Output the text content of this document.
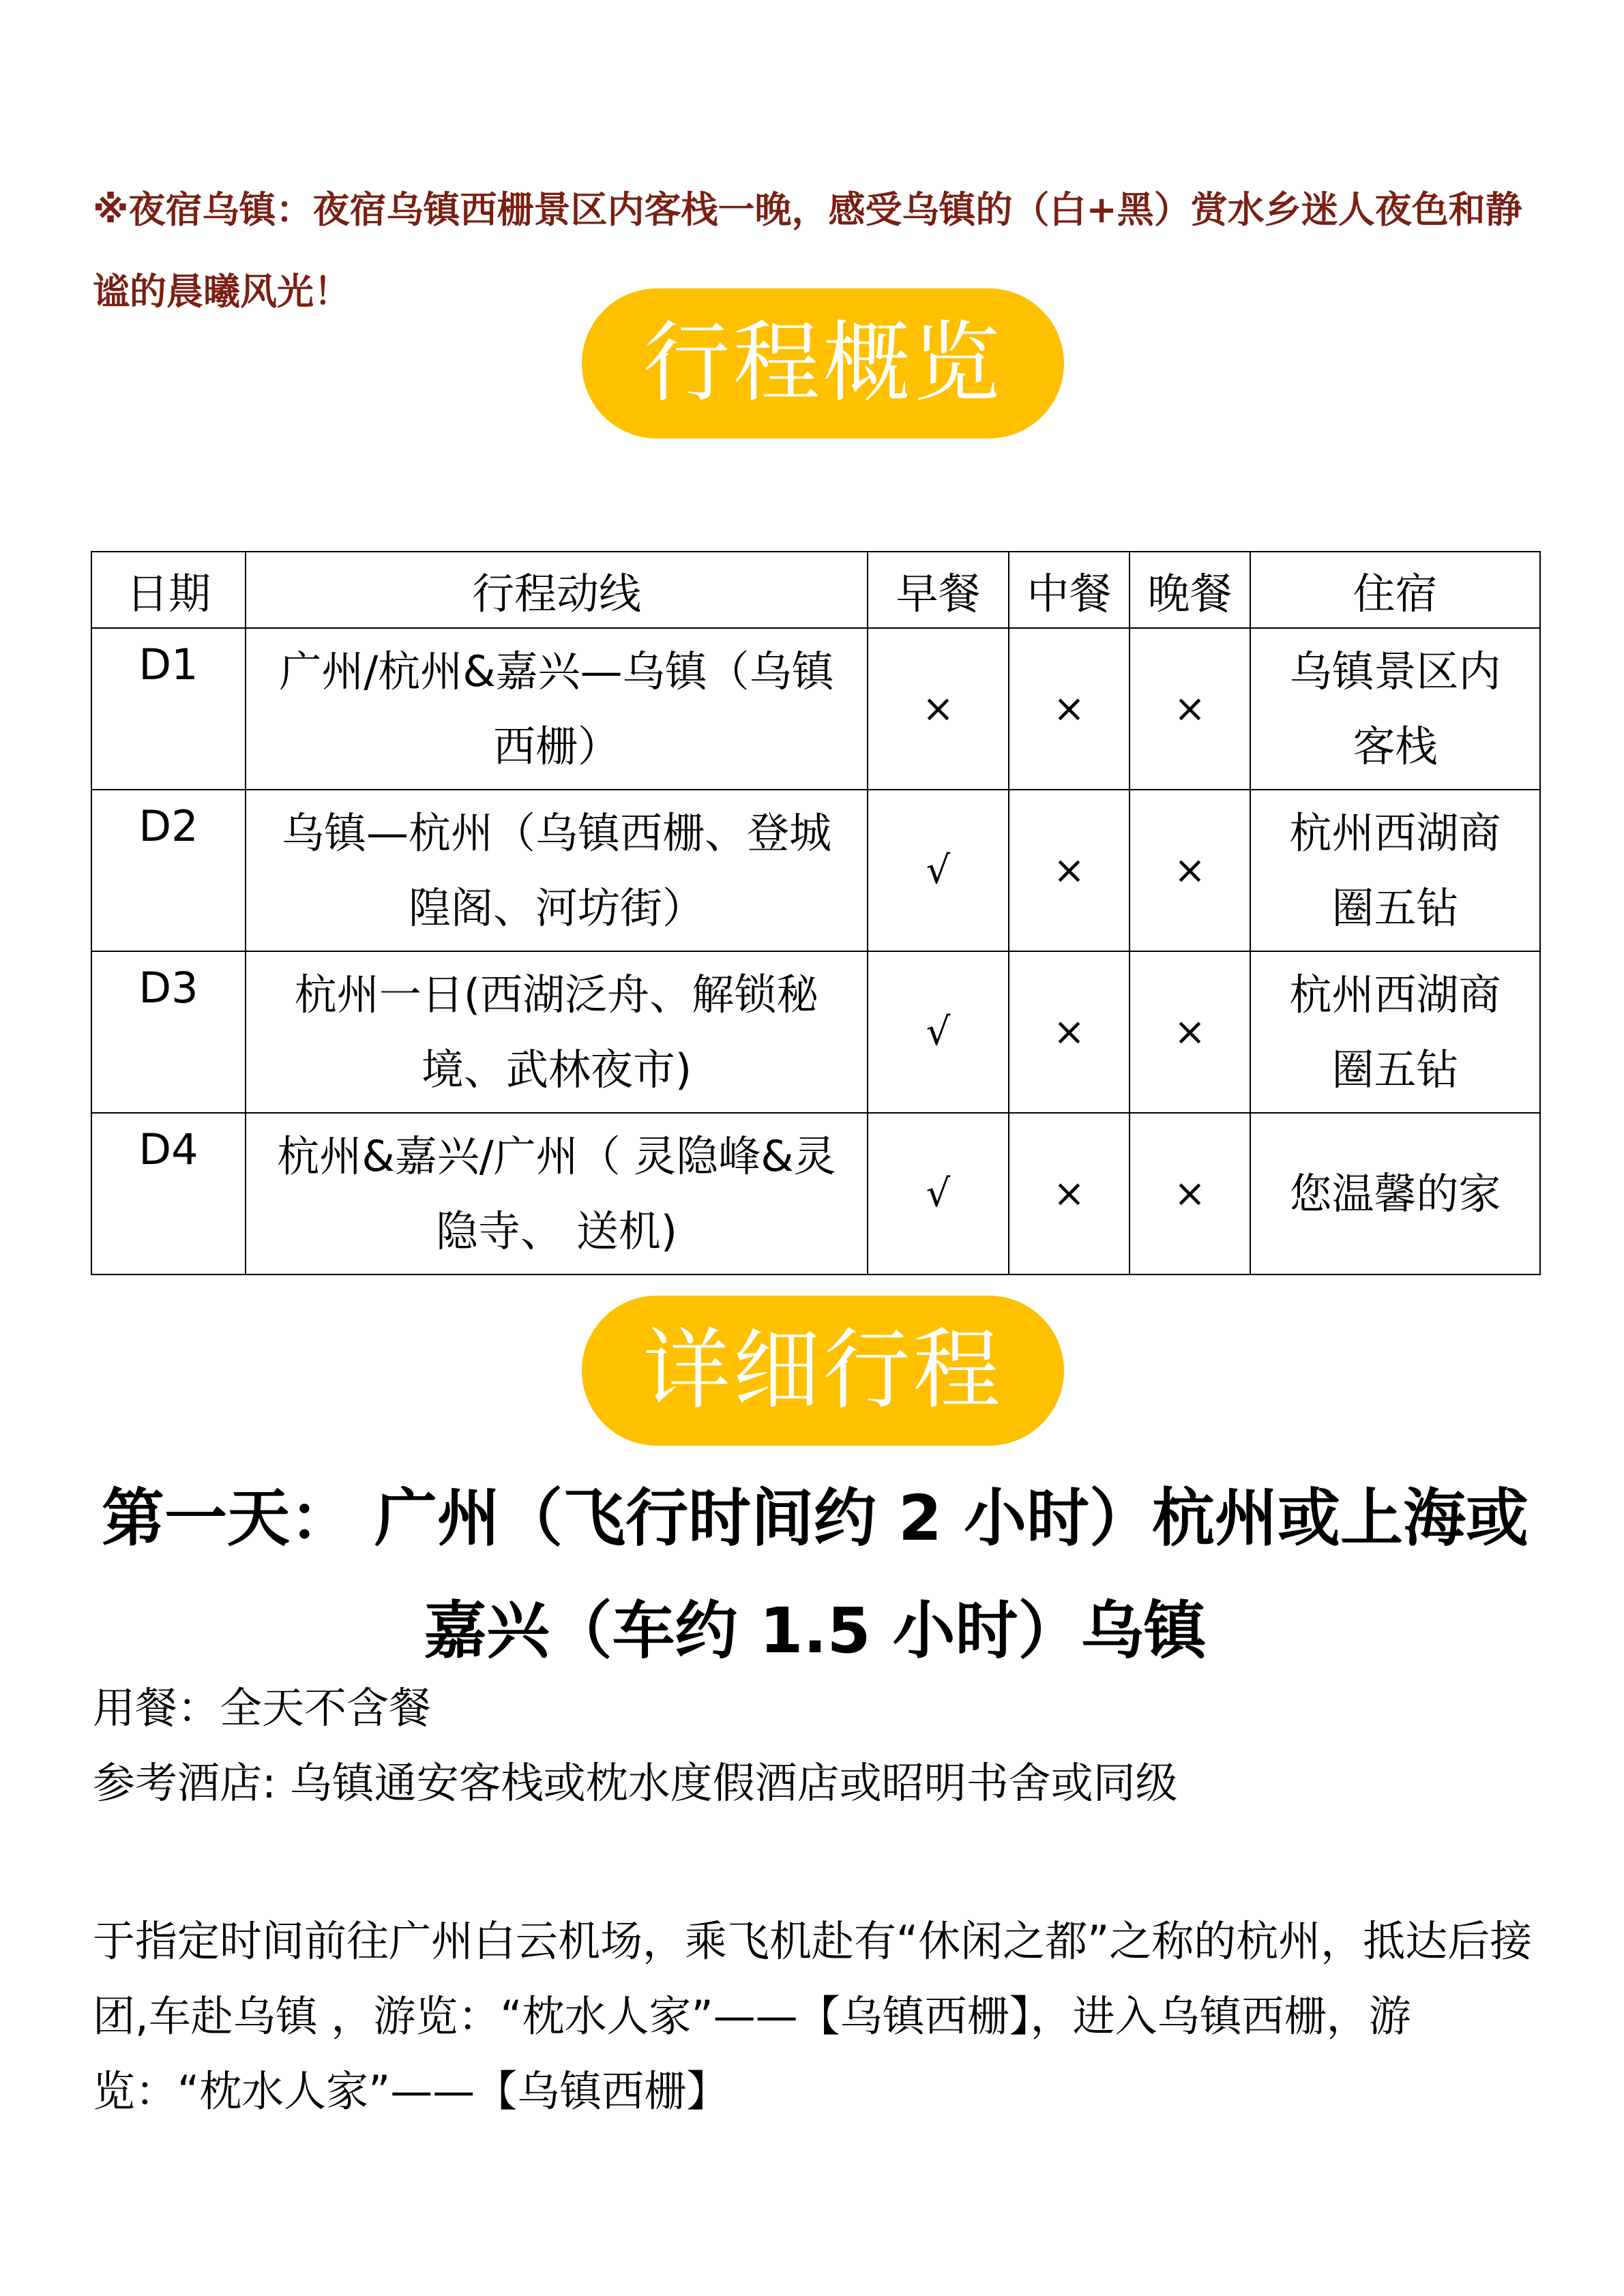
※夜宿乌镇：夜宿乌镇西栅景区内客栈一晚，感受乌镇的（白+黑）赏水乡迷人夜色和静谧的晨曦风光！

行程概览
日期	行程动线	早餐	中餐	晚餐	住宿
D1	广州/杭州&嘉兴—乌镇（乌镇西栅）	×	×	×	乌镇景区内客栈
D2	乌镇—杭州（乌镇西栅、登城隍阁、河坊街）	√	×	×	杭州西湖商圈五钻
D3	杭州一日(西湖泛舟、解锁秘境、武林夜市)	√	×	×	杭州西湖商圈五钻
D4	杭州&嘉兴/广州（ 灵隐峰&灵隐寺、 送机)	√	×	×	您温馨的家
详细行程
第一天： 广州（飞行时间约 2 小时）杭州或上海或嘉兴（车约 1.5 小时）乌镇

用餐：全天不含餐

参考酒店: 乌镇通安客栈或枕水度假酒店或昭明书舍或同级

于指定时间前往广州白云机场，乘飞机赴有“休闲之都”之称的杭州，抵达后接团,车赴乌镇 ，游览：“枕水人家”——【乌镇西栅】，进入乌镇西栅，游览：“枕水人家”——【乌镇西栅】
